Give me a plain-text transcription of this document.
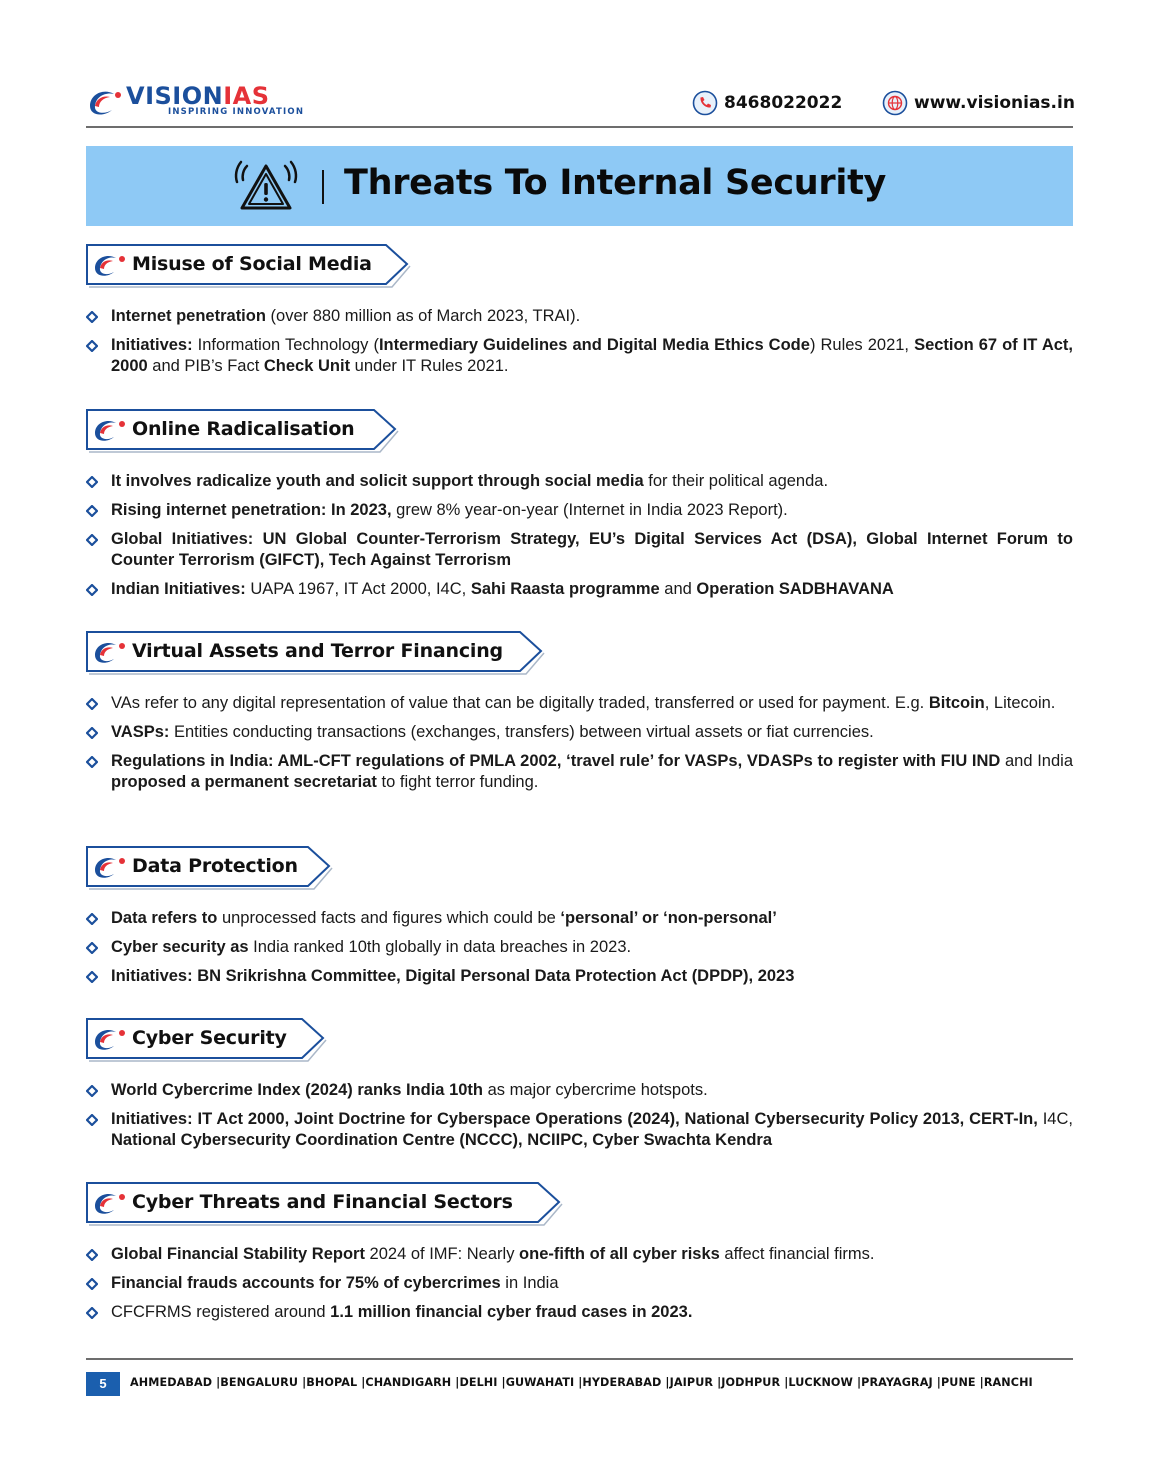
VISIONIAS
INSPIRING INNOVATION	8468022022	www.visionias.in
Threats To Internal Security
Misuse of Social Media
Internet penetration (over 880 million as of March 2023, TRAI).
Initiatives: Information Technology (Intermediary Guidelines and Digital Media Ethics Code) Rules 2021, Section 67 of IT Act, 2000 and PIB’s Fact Check Unit under IT Rules 2021.
Online Radicalisation
It involves radicalize youth and solicit support through social media for their political agenda.
Rising internet penetration: In 2023, grew 8% year-on-year (Internet in India 2023 Report).
Global Initiatives: UN Global Counter-Terrorism Strategy, EU’s Digital Services Act (DSA), Global Internet Forum to Counter Terrorism (GIFCT), Tech Against Terrorism
Indian Initiatives: UAPA 1967, IT Act 2000, I4C, Sahi Raasta programme and Operation SADBHAVANA
Virtual Assets and Terror Financing
VAs refer to any digital representation of value that can be digitally traded, transferred or used for payment. E.g. Bitcoin, Litecoin.
VASPs: Entities conducting transactions (exchanges, transfers) between virtual assets or fiat currencies.
Regulations in India: AML-CFT regulations of PMLA 2002, ‘travel rule’ for VASPs, VDASPs to register with FIU IND and India proposed a permanent secretariat to fight terror funding.
Data Protection
Data refers to unprocessed facts and figures which could be ‘personal’ or ‘non-personal’
Cyber security as India ranked 10th globally in data breaches in 2023.
Initiatives: BN Srikrishna Committee, Digital Personal Data Protection Act (DPDP), 2023
Cyber Security
World Cybercrime Index (2024) ranks India 10th as major cybercrime hotspots.
Initiatives: IT Act 2000, Joint Doctrine for Cyberspace Operations (2024), National Cybersecurity Policy 2013, CERT-In, I4C, National Cybersecurity Coordination Centre (NCCC), NCIIPC, Cyber Swachta Kendra
Cyber Threats and Financial Sectors
Global Financial Stability Report 2024 of IMF: Nearly one-fifth of all cyber risks affect financial firms.
Financial frauds accounts for 75% of cybercrimes in India
CFCFRMS registered around 1.1 million financial cyber fraud cases in 2023.
5	AHMEDABAD |BENGALURU |BHOPAL |CHANDIGARH |DELHI |GUWAHATI |HYDERABAD |JAIPUR |JODHPUR |LUCKNOW |PRAYAGRAJ |PUNE |RANCHI
